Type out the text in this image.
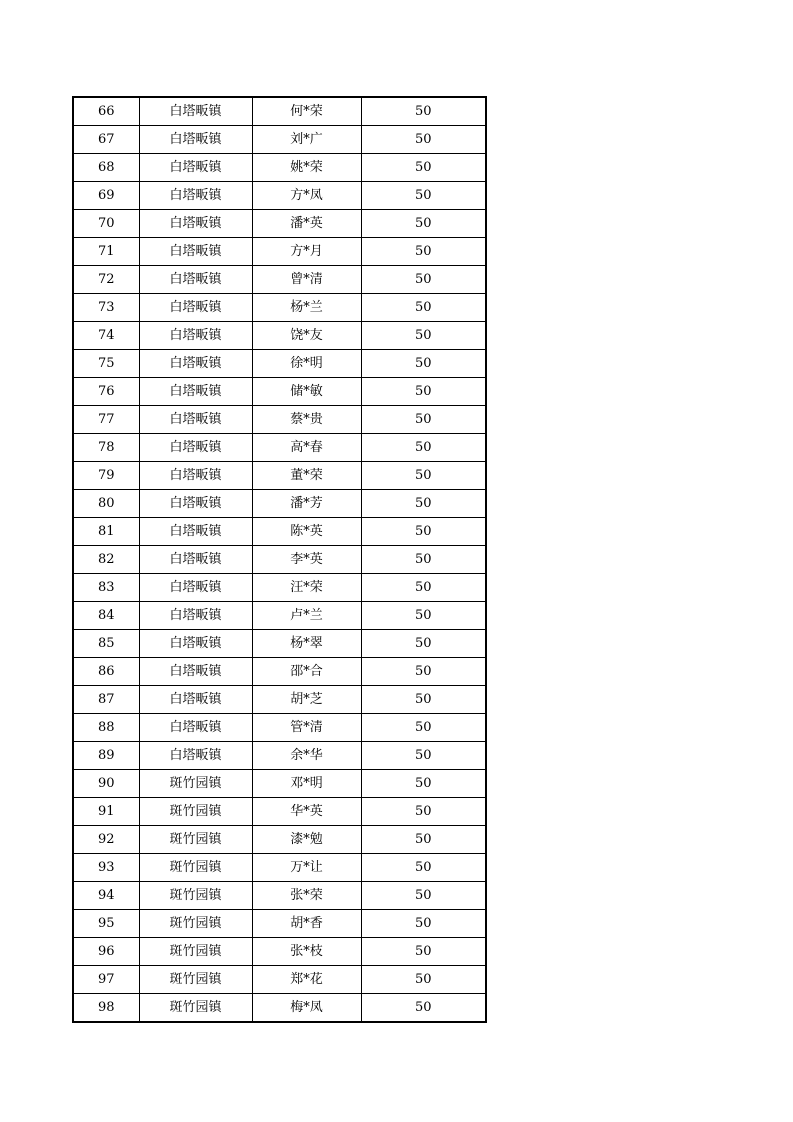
66	白塔畈镇	何*荣	50
67	白塔畈镇	刘*广	50
68	白塔畈镇	姚*荣	50
69	白塔畈镇	方*凤	50
70	白塔畈镇	潘*英	50
71	白塔畈镇	方*月	50
72	白塔畈镇	曾*清	50
73	白塔畈镇	杨*兰	50
74	白塔畈镇	饶*友	50
75	白塔畈镇	徐*明	50
76	白塔畈镇	储*敏	50
77	白塔畈镇	蔡*贵	50
78	白塔畈镇	高*春	50
79	白塔畈镇	董*荣	50
80	白塔畈镇	潘*芳	50
81	白塔畈镇	陈*英	50
82	白塔畈镇	李*英	50
83	白塔畈镇	汪*荣	50
84	白塔畈镇	卢*兰	50
85	白塔畈镇	杨*翠	50
86	白塔畈镇	邵*合	50
87	白塔畈镇	胡*芝	50
88	白塔畈镇	管*清	50
89	白塔畈镇	余*华	50
90	斑竹园镇	邓*明	50
91	斑竹园镇	华*英	50
92	斑竹园镇	漆*勉	50
93	斑竹园镇	万*让	50
94	斑竹园镇	张*荣	50
95	斑竹园镇	胡*香	50
96	斑竹园镇	张*枝	50
97	斑竹园镇	郑*花	50
98	斑竹园镇	梅*凤	50
